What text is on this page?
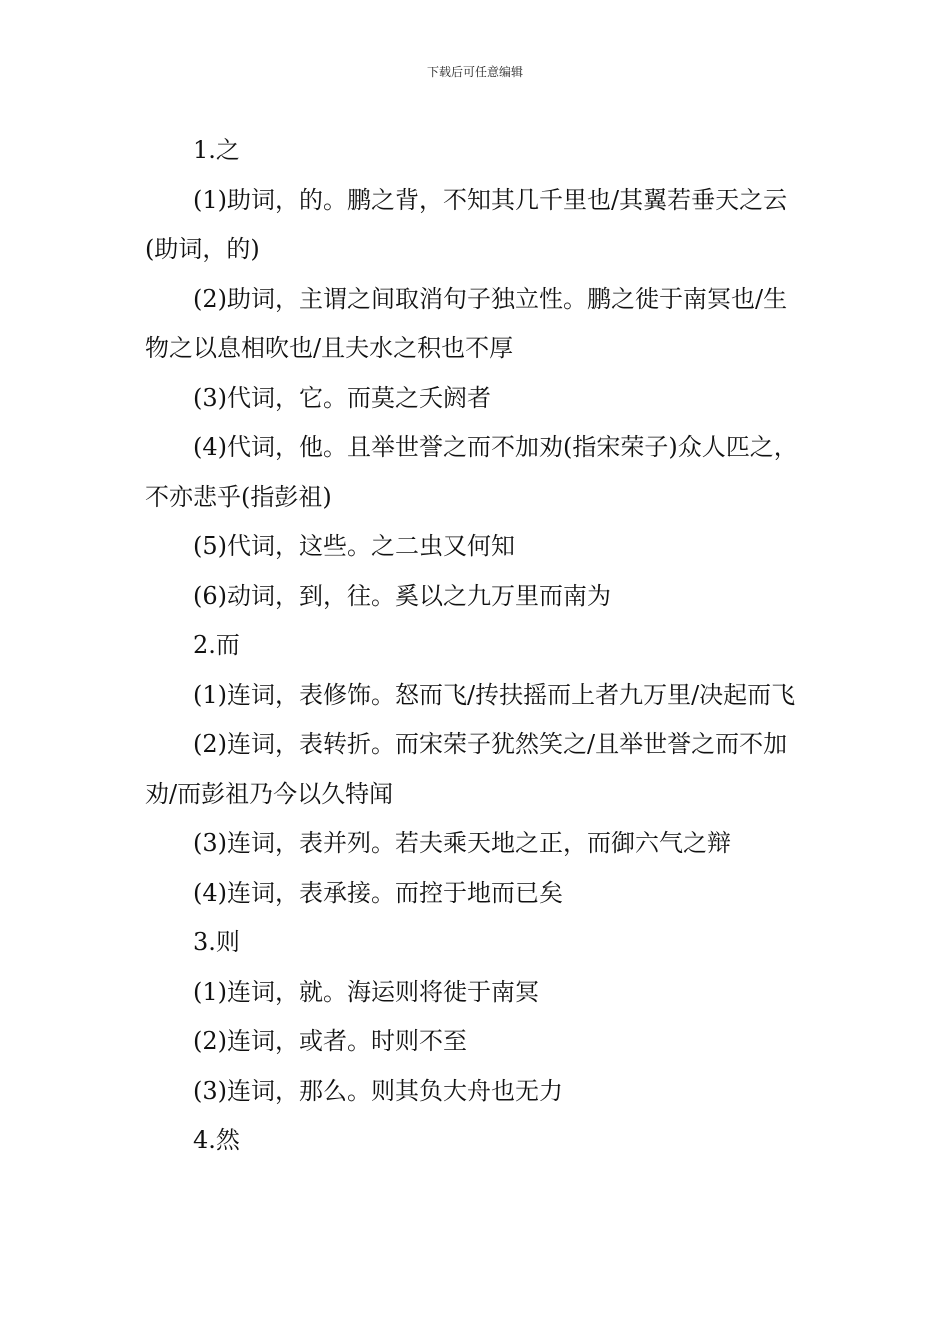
下载后可任意编辑

1.之

(1)助词，的。鹏之背，不知其几千里也/其翼若垂天之云(助词，的)

(2)助词，主谓之间取消句子独立性。鹏之徙于南冥也/生物之以息相吹也/且夫水之积也不厚

(3)代词，它。而莫之夭阏者

(4)代词，他。且举世誉之而不加劝(指宋荣子)众人匹之，不亦悲乎(指彭祖)

(5)代词，这些。之二虫又何知

(6)动词，到，往。奚以之九万里而南为

2.而

(1)连词，表修饰。怒而飞/抟扶摇而上者九万里/决起而飞

(2)连词，表转折。而宋荣子犹然笑之/且举世誉之而不加劝/而彭祖乃今以久特闻

(3)连词，表并列。若夫乘天地之正，而御六气之辩

(4)连词，表承接。而控于地而已矣

3.则

(1)连词，就。海运则将徙于南冥

(2)连词，或者。时则不至

(3)连词，那么。则其负大舟也无力

4.然
